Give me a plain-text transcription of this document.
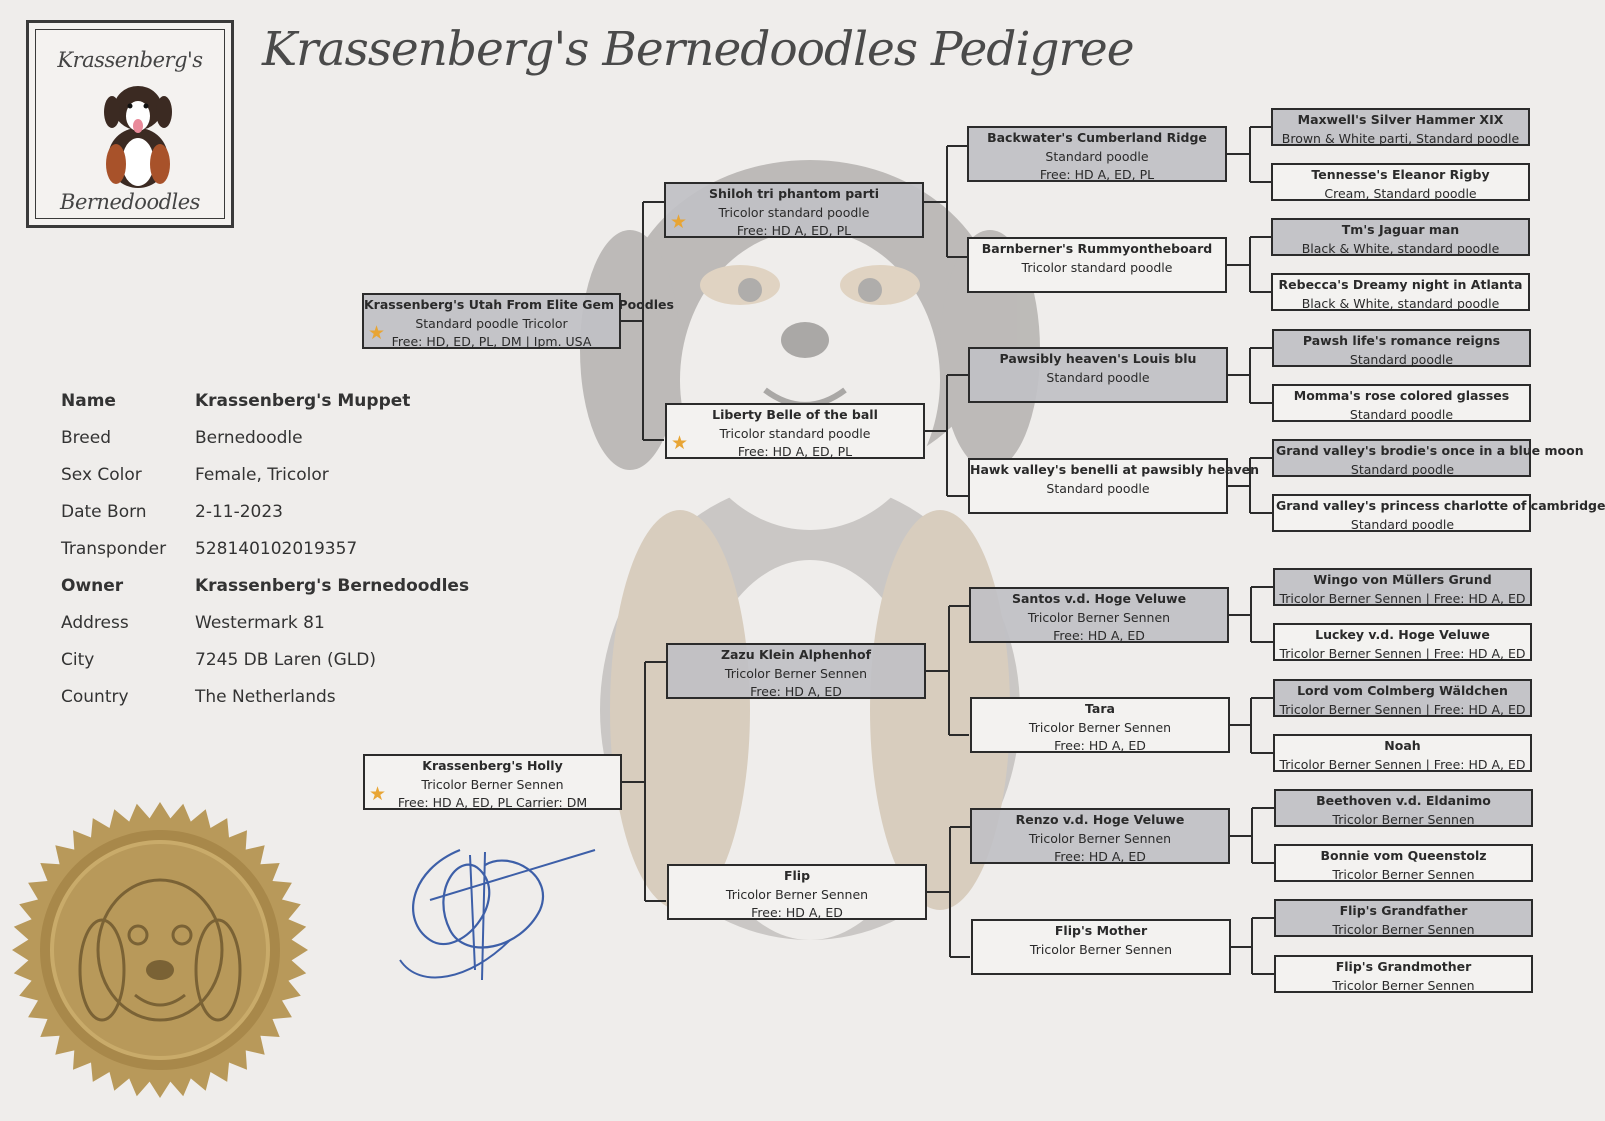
Krassenberg's
Bernedoodles
Krassenberg's Bernedoodles Pedigree
Krassenberg's Utah From Elite Gem Poodles
Standard poodle Tricolor
Free: HD, ED, PL, DM | Ipm. USA
★
Krassenberg's Holly
Tricolor Berner Sennen
Free: HD A, ED, PL Carrier: DM
★
Shiloh tri phantom parti
Tricolor standard poodle
Free: HD A, ED, PL
★
Liberty Belle of the ball
Tricolor standard poodle
Free: HD A, ED, PL
★
Zazu Klein Alphenhof
Tricolor Berner Sennen
Free: HD A, ED
Flip
Tricolor Berner Sennen
Free: HD A, ED
Backwater's Cumberland Ridge
Standard poodle
Free: HD A, ED, PL
Barnberner's Rummyontheboard
Tricolor standard poodle
Pawsibly heaven's Louis blu
Standard poodle
Hawk valley's benelli at pawsibly heaven
Standard poodle
Santos v.d. Hoge Veluwe
Tricolor Berner Sennen
Free: HD A, ED
Tara
Tricolor Berner Sennen
Free: HD A, ED
Renzo v.d. Hoge Veluwe
Tricolor Berner Sennen
Free: HD A, ED
Flip's Mother
Tricolor Berner Sennen
Maxwell's Silver Hammer XIX
Brown & White parti, Standard poodle
Tennesse's Eleanor Rigby
Cream, Standard poodle
Tm's Jaguar man
Black & White, standard poodle
Rebecca's Dreamy night in Atlanta
Black & White, standard poodle
Pawsh life's romance reigns
Standard poodle
Momma's rose colored glasses
Standard poodle
Grand valley's brodie's once in a blue moon
Standard poodle
Grand valley's princess charlotte of cambridge
Standard poodle
Wingo von Müllers Grund
Tricolor Berner Sennen | Free: HD A, ED
Luckey v.d. Hoge Veluwe
Tricolor Berner Sennen | Free: HD A, ED
Lord vom Colmberg Wäldchen
Tricolor Berner Sennen | Free: HD A, ED
Noah
Tricolor Berner Sennen | Free: HD A, ED
Beethoven v.d. Eldanimo
Tricolor Berner Sennen
Bonnie vom Queenstolz
Tricolor Berner Sennen
Flip's Grandfather
Tricolor Berner Sennen
Flip's Grandmother
Tricolor Berner Sennen
Name	Krassenberg's Muppet
Breed	Bernedoodle
Sex Color	Female, Tricolor
Date Born	2-11-2023
Transponder	528140102019357
Owner	Krassenberg's Bernedoodles
Address	Westermark 81
City	7245 DB Laren (GLD)
Country	The Netherlands
